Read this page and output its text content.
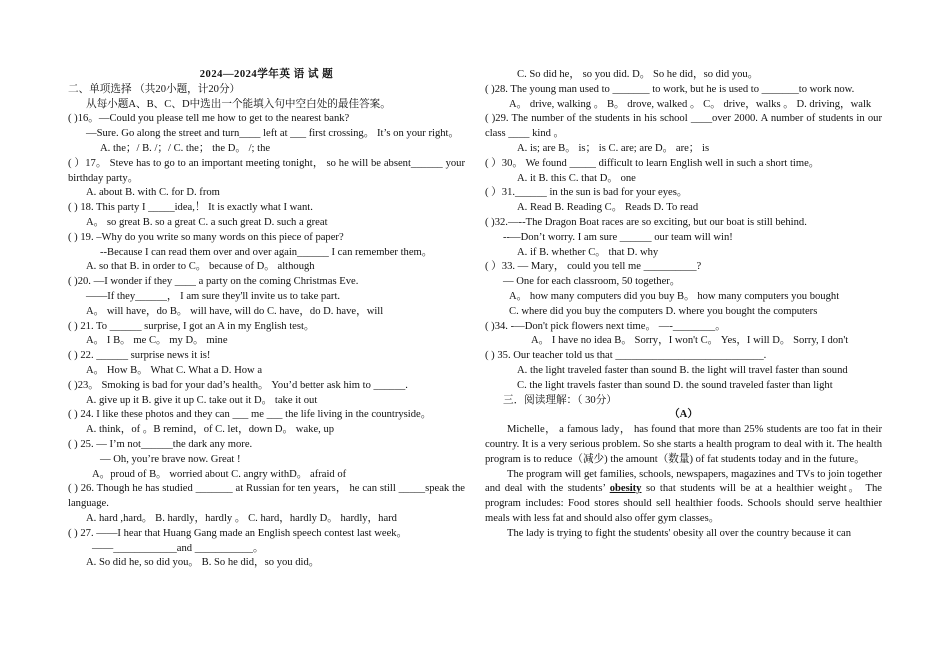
2024—2024学年英 语 试 题
二、单项选择 （共20小题，计20分）
从每小题A、B、C、D中选出一个能填入句中空白处的最佳答案。
( )16。—Could you please tell me how to get to the nearest bank?
—Sure. Go along the street and turn____ left at ___ first crossing。 It’s on your right。
A. the；/ B. /；/ C. the； the D。 /; the
( ）17。 Steve has to go to an important meeting tonight， so he will be absent______ your birthday party。
A. about B. with C. for D. from
( ) 18. This party I _____idea,！ It is exactly what I want.
A。 so great B. so a great C. a such great D. such a great
( ) 19. –Why do you write so many words on this piece of paper?
--Because I can read them over and over again______ I can remember them。
A. so that B. in order to C。 because of D。 although
( )20. —I wonder if they ____ a party on the coming Christmas Eve.
——If they______， I am sure they'll invite us to take part.
A。 will have，do B。 will have, will do C. have，do D. have，will
( ) 21. To ______ surprise, I got an A in my English test。
A。 I B。 me C。 my D。 mine
( ) 22. ______ surprise news it is!
A。 How B。 What C. What a D. How a
( )23。 Smoking is bad for your dad’s health。 You’d better ask him to ______.
A. give up it B. give it up C. take out it D。 take it out
( ) 24. I like these photos and they can ___ me ___ the life living in the countryside。
A. think，of 。B remind，of C. let，down D。 wake, up
( ) 25. — I’m not______the dark any more.
— Oh, you’re brave now. Great !
A。proud of B。 worried about C. angry withD。 afraid of
( ) 26. Though he has studied _______ at Russian for ten years， he can still _____speak the language.
A. hard ,hard。 B. hardly，hardly 。 C. hard，hardly D。 hardly，hard
( ) 27. ——I hear that Huang Gang made an English speech contest last week。
——____________and ___________。
A. So did he, so did you。 B. So he did，so you did。
C. So did he， so you did. D。 So he did，so did you。
( )28. The young man used to _______ to work, but he is used to _______to work now.
A。 drive, walking 。 B。 drove, walked 。 C。 drive，walks 。 D. driving，walk
( )29. The number of the students in his school ____over 2000. A number of students in our class ____ kind 。
A. is; are B。 is； is C. are; are D。 are； is
( ）30。 We found _____ difficult to learn English well in such a short time。
A. it B. this C. that D。 one
( ）31.______ in the sun is bad for your eyes。
A. Read B. Reading C。 Reads D. To read
( )32.—--The Dragon Boat races are so exciting, but our boat is still behind.
--—Don’t worry. I am sure ______ our team will win!
A. if B. whether C。 that D. why
( ）33. — Mary， could you tell me __________?
— One for each classroom, 50 together。
A。 how many computers did you buy B。 how many computers you bought
C. where did you buy the computers D. where you bought the computers
( )34. -—Don't pick flowers next time。 —-________。
A。 I have no idea B。 Sorry，I won't C。 Yes，I will D。 Sorry, I don't
( ) 35. Our teacher told us that ____________________________.
A. the light traveled faster than sound B. the light will travel faster than sound
C. the light travels faster than sound D. the sound traveled faster than light
三．阅读理解：（ 30分）
（A）
Michelle， a famous lady， has found that more than 25% students are too fat in their country. It is a very serious problem. So she starts a health program to deal with it. The health program is to reduce（减少) the amount（数量) of fat students today and in the future。
The program will get families, schools, newspapers, magazines and TVs to join together and deal with the students’ obesity so that students will be at a healthier weight。 The program includes: Food stores should sell healthier foods. Schools should serve healthier meals with less fat and should also offer gym classes。
The lady is trying to fight the students' obesity all over the country because it can
